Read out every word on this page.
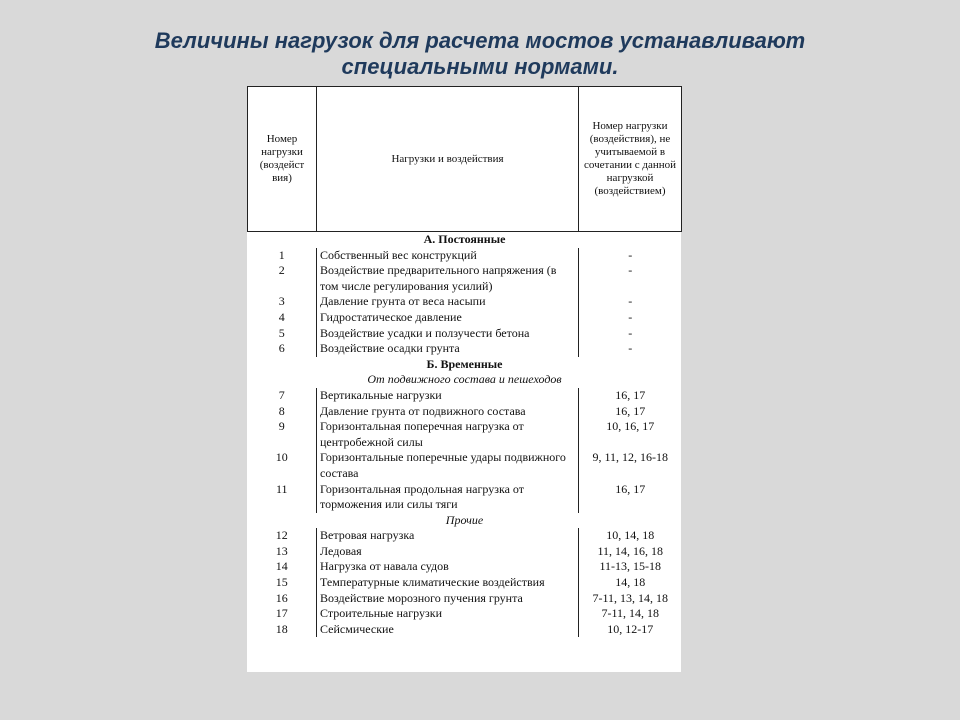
Величины нагрузок для расчета мостов устанавливают
специальными нормами.
Номер нагрузки (воздейст вия)	Нагрузки и воздействия	Номер нагрузки (воздействия), не учитываемой в сочетании с данной нагрузкой (воздействием)
А. Постоянные		
1	Собственный вес конструкций	-
2	Воздействие предварительного напряжения (в том числе регулирования усилий)	-
3	Давление грунта от веса насыпи	-
4	Гидростатическое давление	-
5	Воздействие усадки и ползучести бетона	-
6	Воздействие осадки грунта	-
Б. Временные		
От подвижного состава и пешеходов		
7	Вертикальные нагрузки	16, 17
8	Давление грунта от подвижного состава	16, 17
9	Горизонтальная поперечная нагрузка от центробежной силы	10, 16, 17
10	Горизонтальные поперечные удары подвижного состава	9, 11, 12, 16-18
11	Горизонтальная продольная нагрузка от торможения или силы тяги	16, 17
Прочие		
12	Ветровая нагрузка	10, 14, 18
13	Ледовая	11, 14, 16, 18
14	Нагрузка от навала судов	11-13, 15-18
15	Температурные климатические воздействия	14, 18
16	Воздействие морозного пучения грунта	7-11, 13, 14, 18
17	Строительные нагрузки	7-11, 14, 18
18	Сейсмические	10, 12-17
